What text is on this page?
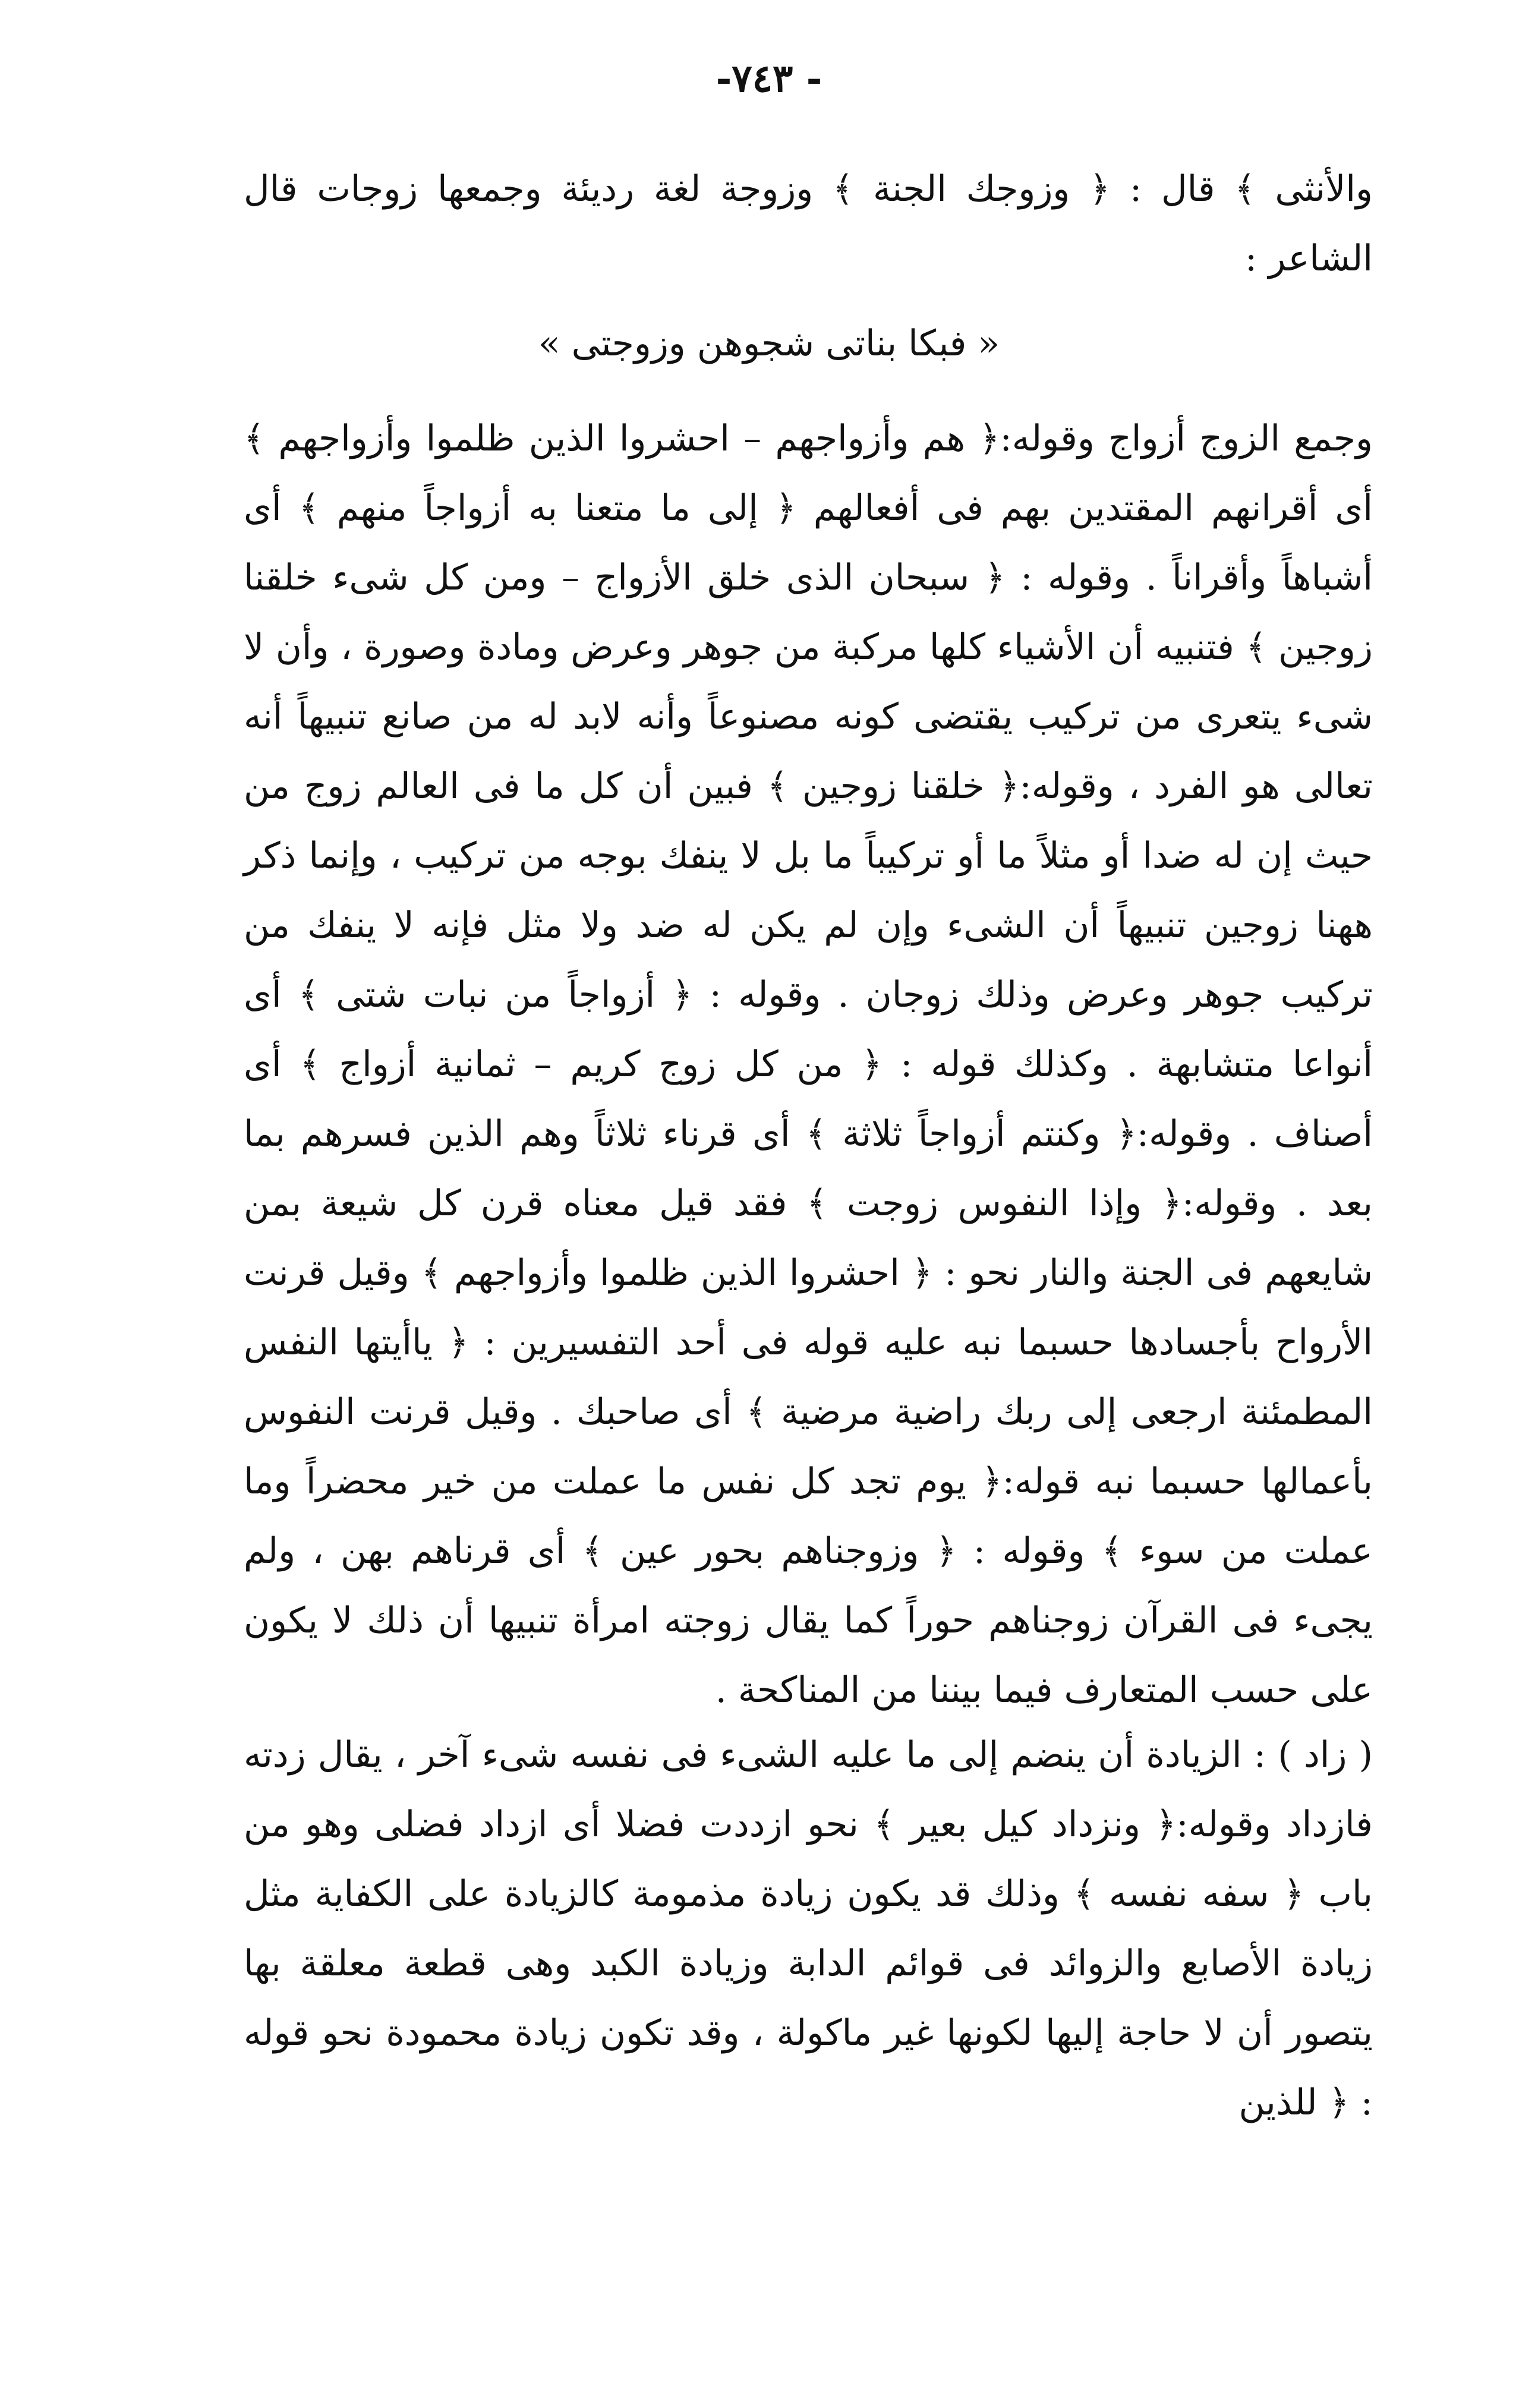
-٧٤٣ -

والأنثى ﴾ قال : ﴿ وزوجك الجنة ﴾ وزوجة لغة رديئة وجمعها زوجات قال الشاعر :

« فبكا بناتى شجوهن وزوجتى »

وجمع الزوج أزواج وقوله:﴿ هم وأزواجهم – احشروا الذين ظلموا وأزواجهم ﴾ أى أقرانهم المقتدين بهم فى أفعالهم ﴿ إلى ما متعنا به أزواجاً منهم ﴾ أى أشباهاً وأقراناً . وقوله : ﴿ سبحان الذى خلق الأزواج – ومن كل شىء خلقنا زوجين ﴾ فتنبيه أن الأشياء كلها مركبة من جوهر وعرض ومادة وصورة ، وأن لا شىء يتعرى من تركيب يقتضى كونه مصنوعاً وأنه لابد له من صانع تنبيهاً أنه تعالى هو الفرد ، وقوله:﴿ خلقنا زوجين ﴾ فبين أن كل ما فى العالم زوج من حيث إن له ضدا أو مثلاً ما أو تركيباً ما بل لا ينفك بوجه من تركيب ، وإنما ذكر ههنا زوجين تنبيهاً أن الشىء وإن لم يكن له ضد ولا مثل فإنه لا ينفك من تركيب جوهر وعرض وذلك زوجان . وقوله : ﴿ أزواجاً من نبات شتى ﴾ أى أنواعا متشابهة . وكذلك قوله : ﴿ من كل زوج كريم – ثمانية أزواج ﴾ أى أصناف . وقوله:﴿ وكنتم أزواجاً ثلاثة ﴾ أى قرناء ثلاثاً وهم الذين فسرهم بما بعد . وقوله:﴿ وإذا النفوس زوجت ﴾ فقد قيل معناه قرن كل شيعة بمن شايعهم فى الجنة والنار نحو : ﴿ احشروا الذين ظلموا وأزواجهم ﴾ وقيل قرنت الأرواح بأجسادها حسبما نبه عليه قوله فى أحد التفسيرين : ﴿ ياأيتها النفس المطمئنة ارجعى إلى ربك راضية مرضية ﴾ أى صاحبك . وقيل قرنت النفوس بأعمالها حسبما نبه قوله:﴿ يوم تجد كل نفس ما عملت من خير محضراً وما عملت من سوء ﴾ وقوله : ﴿ وزوجناهم بحور عين ﴾ أى قرناهم بهن ، ولم يجىء فى القرآن زوجناهم حوراً كما يقال زوجته امرأة تنبيها أن ذلك لا يكون على حسب المتعارف فيما بيننا من المناكحة .

( زاد ) : الزيادة أن ينضم إلى ما عليه الشىء فى نفسه شىء آخر ، يقال زدته فازداد وقوله:﴿ ونزداد كيل بعير ﴾ نحو ازددت فضلا أى ازداد فضلى وهو من باب ﴿ سفه نفسه ﴾ وذلك قد يكون زيادة مذمومة كالزيادة على الكفاية مثل زيادة الأصابع والزوائد فى قوائم الدابة وزيادة الكبد وهى قطعة معلقة بها يتصور أن لا حاجة إليها لكونها غير ماكولة ، وقد تكون زيادة محمودة نحو قوله : ﴿ للذين
